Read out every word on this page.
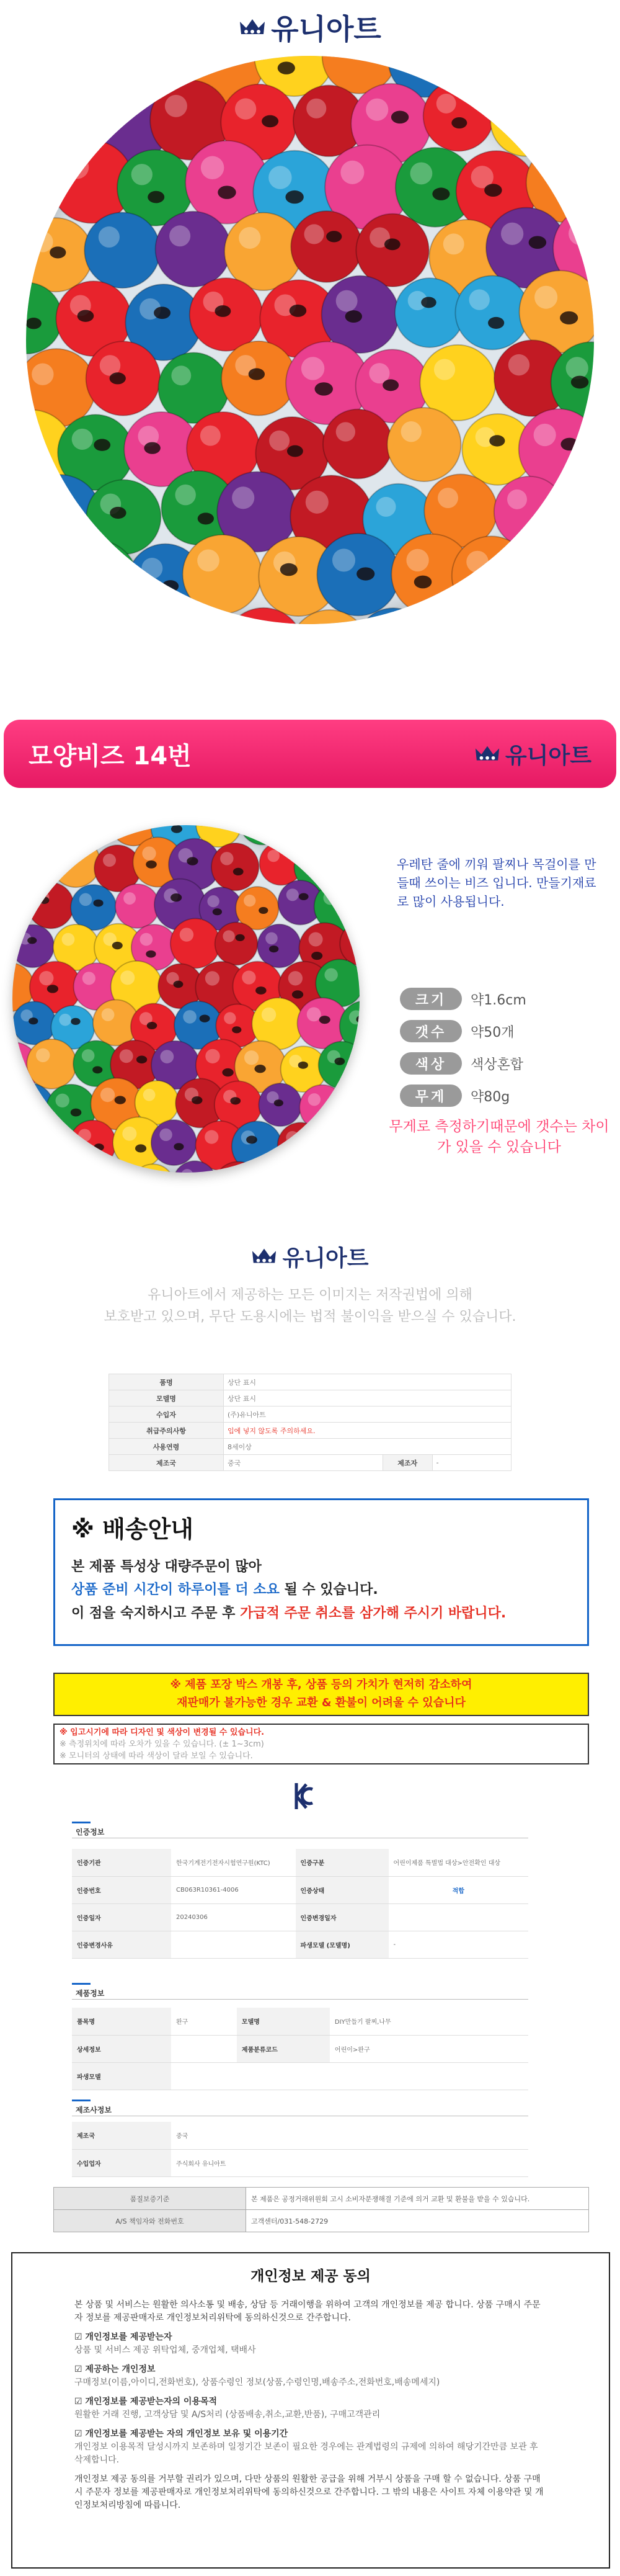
유니아트
모양비즈 14번	유니아트
우레탄 줄에 끼워 팔찌나 목걸이를 만들때 쓰이는 비즈 입니다. 만들기재료로 많이 사용됩니다.
크기	약1.6cm
갯수	약50개
색상	색상혼합
무게	약80g
무게로 측정하기때문에 갯수는 차이가 있을 수 있습니다
유니아트
유니아트에서 제공하는 모든 이미지는 저작권법에 의해
보호받고 있으며, 무단 도용시에는 법적 불이익을 받으실 수 있습니다.
품명	상단 표시		
모델명	상단 표시		
수입자	(주)유니아트		
취급주의사항	입에 넣지 않도록 주의하세요.		
사용연령	8세이상		
제조국	중국	제조자	-
※ 배송안내

본 제품 특성상 대량주문이 많아

상품 준비 시간이 하루이틀 더 소요 될 수 있습니다.

이 점을 숙지하시고 주문 후 가급적 주문 취소를 삼가해 주시기 바랍니다.

※ 제품 포장 박스 개봉 후, 상품 등의 가치가 현저히 감소하여
재판매가 불가능한 경우 교환 & 환불이 어려울 수 있습니다
※ 입고시기에 따라 디자인 및 색상이 변경될 수 있습니다.
※ 측정위치에 따라 오차가 있을 수 있습니다. (± 1~3cm)
※ 모니터의 상태에 따라 색상이 달라 보일 수 있습니다.
인증정보
인증기관	한국기계전기전자시험연구원(KTC)	인증구분	어린이제품 특별법 대상>안전확인 대상
인증번호	CB063R10361-4006	인증상태	적합
인증일자	20240306	인증변경일자	
인증변경사유		파생모델 (모델명)	-
제품정보
품목명	완구	모델명	DIY만들기 팔찌,나무
상세정보		제품분류코드	어린이>완구
파생모델			
제조사정보
제조국	중국
수입업자	주식회사 유니아트
품질보증기준	본 제품은 공정거래위원회 고시 소비자분쟁해결 기준에 의거 교환 및 환불을 받을 수 있습니다.
A/S 책임자와 전화번호	고객센터/031-548-2729
개인정보 제공 동의
본 상품 및 서비스는 원활한 의사소통 및 배송, 상담 등 거래이행을 위하여 고객의 개인정보를 제공 합니다. 상품 구매시 주문자 정보를 제공판매자로 개인정보처리위탁에 동의하신것으로 간주합니다.
☑ 개인정보를 제공받는자
상품 및 서비스 제공 위탁업체, 중개업체, 택배사
☑ 제공하는 개인정보
구매정보(이름,아이디,전화번호), 상품수령인 정보(상품,수령인명,배송주소,전화번호,배송메세지)
☑ 개인정보를 제공받는자의 이용목적
원활한 거래 진행, 고객상담 및 A/S처리 (상품배송,취소,교환,반품), 구매고객관리
☑ 개인정보를 제공받는 자의 개인정보 보유 및 이용기간
개인정보 이용목적 달성시까지 보존하며 일정기간 보존이 필요한 경우에는 관계법령의 규제에 의하여 해당기간만큼 보관 후 삭제합니다.
개인정보 제공 동의를 거부할 권리가 있으며, 다만 상품의 원활한 공급을 위해 거부시 상품을 구매 할 수 없습니다. 상품 구매시 주문자 정보를 제공판매자로 개인정보처리위탁에 동의하신것으로 간주합니다. 그 밖의 내용은 사이트 자체 이용약관 및 개인정보처리방침에 따릅니다.
